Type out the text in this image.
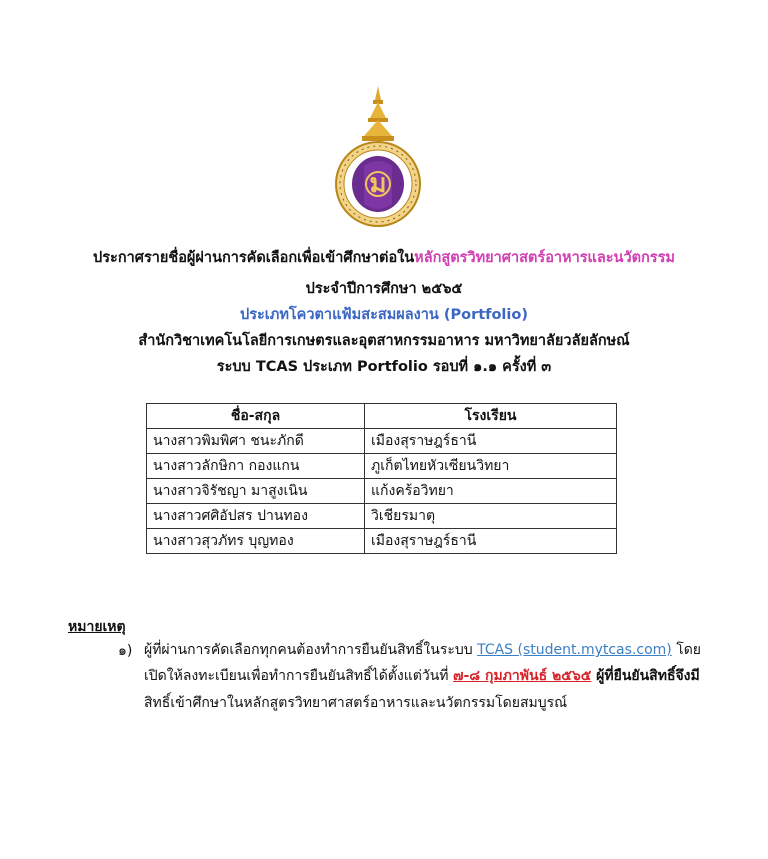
ม
ประกาศรายชื่อผู้ผ่านการคัดเลือกเพื่อเข้าศึกษาต่อในหลักสูตรวิทยาศาสตร์อาหารและนวัตกรรม
ประจำปีการศึกษา ๒๕๖๕
ประเภทโควตาแฟ้มสะสมผลงาน (Portfolio)
สำนักวิชาเทคโนโลยีการเกษตรและอุตสาหกรรมอาหาร มหาวิทยาลัยวลัยลักษณ์
ระบบ TCAS ประเภท Portfolio รอบที่ ๑.๑ ครั้งที่ ๓
ชื่อ-สกุล	โรงเรียน
นางสาวพิมพิศา ชนะภักดี	เมืองสุราษฎร์ธานี
นางสาวลักษิกา กองแกน	ภูเก็ตไทยหัวเซียนวิทยา
นางสาวจิรัชญา มาสูงเนิน	แก้งคร้อวิทยา
นางสาวศศิอัปสร ปานทอง	วิเชียรมาตุ
นางสาวสุวภัทร บุญทอง	เมืองสุราษฎร์ธานี
หมายเหตุ
๑) ผู้ที่ผ่านการคัดเลือกทุกคนต้องทำการยืนยันสิทธิ์ในระบบ TCAS (student.mytcas.com) โดย
เปิดให้ลงทะเบียนเพื่อทำการยืนยันสิทธิ์ได้ตั้งแต่วันที่ ๗-๘ กุมภาพันธ์ ๒๕๖๕ ผู้ที่ยืนยันสิทธิ์จึงมี
สิทธิ์เข้าศึกษาในหลักสูตรวิทยาศาสตร์อาหารและนวัตกรรมโดยสมบูรณ์
